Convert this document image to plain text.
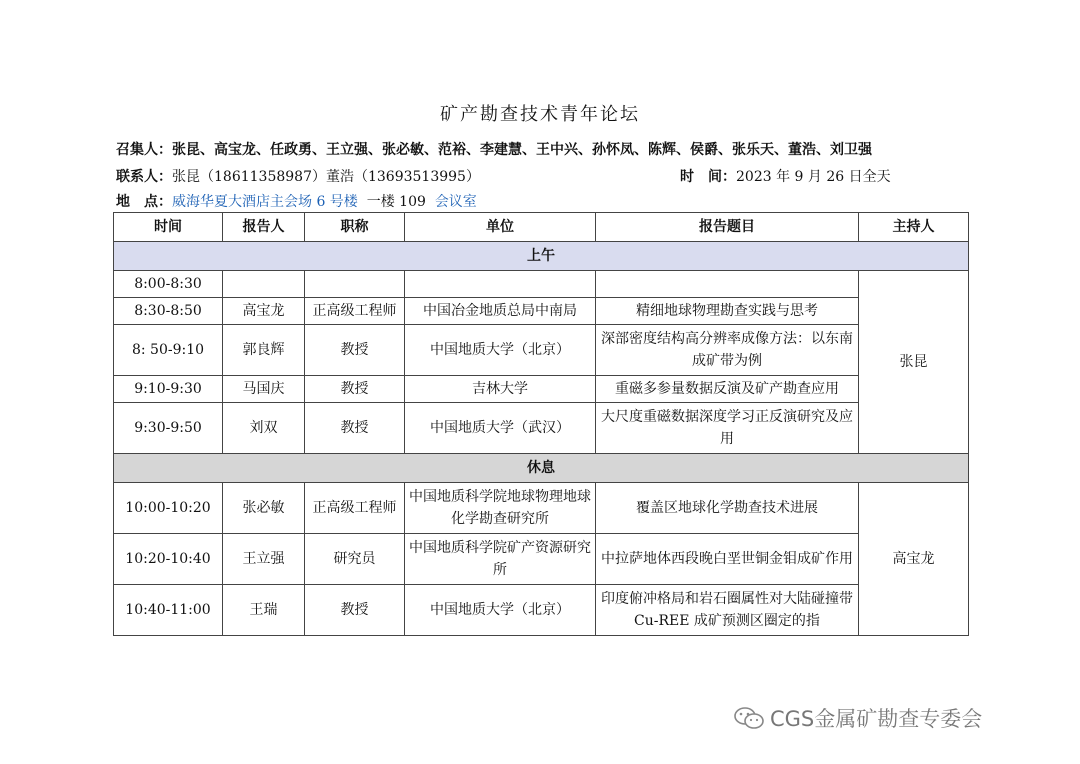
矿产勘查技术青年论坛
召集人：张昆、高宝龙、任政勇、王立强、张必敏、范裕、李建慧、王中兴、孙怀凤、陈辉、侯爵、张乐天、董浩、刘卫强
联系人：张昆（18611358987）董浩（13693513995）	时　间：2023 年 9 月 26 日全天
地　点：威海华夏大酒店主会场 6 号楼 一楼 109 会议室
时间	报告人	职称	单位	报告题目	主持人
上午					
8:00-8:30					张昆
8:30-8:50	高宝龙	正高级工程师	中国冶金地质总局中南局	精细地球物理勘查实践与思考	
8: 50-9:10	郭良辉	教授	中国地质大学（北京）	深部密度结构高分辨率成像方法：以东南成矿带为例	
9:10-9:30	马国庆	教授	吉林大学	重磁多参量数据反演及矿产勘查应用	
9:30-9:50	刘双	教授	中国地质大学（武汉）	大尺度重磁数据深度学习正反演研究及应用	
休息					
10:00-10:20	张必敏	正高级工程师	中国地质科学院地球物理地球化学勘查研究所	覆盖区地球化学勘查技术进展	高宝龙
10:20-10:40	王立强	研究员	中国地质科学院矿产资源研究所	中拉萨地体西段晚白垩世铜金钼成矿作用	
10:40-11:00	王瑞	教授	中国地质大学（北京）	印度俯冲格局和岩石圈属性对大陆碰撞带 Cu-REE 成矿预测区圈定的指	
CGS金属矿勘查专委会
